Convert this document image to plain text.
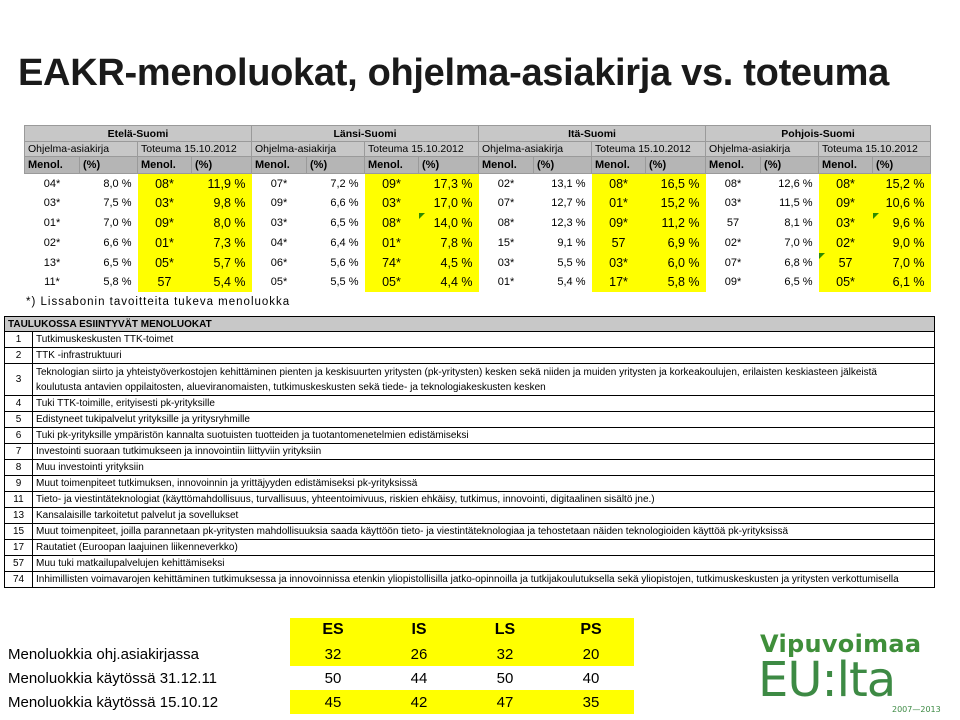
EAKR-menoluokat, ohjelma-asiakirja vs. toteuma
Etelä-Suomi				Länsi-Suomi				Itä-Suomi				Pohjois-Suomi			
Ohjelma-asiakirja		Toteuma 15.10.2012		Ohjelma-asiakirja		Toteuma 15.10.2012		Ohjelma-asiakirja		Toteuma 15.10.2012		Ohjelma-asiakirja		Toteuma 15.10.2012	
Menol.	(%)	Menol.	(%)	Menol.	(%)	Menol.	(%)	Menol.	(%)	Menol.	(%)	Menol.	(%)	Menol.	(%)
04*	8,0 %	08*	11,9 %	07*	7,2 %	09*	17,3 %	02*	13,1 %	08*	16,5 %	08*	12,6 %	08*	15,2 %
03*	7,5 %	03*	9,8 %	09*	6,6 %	03*	17,0 %	07*	12,7 %	01*	15,2 %	03*	11,5 %	09*	10,6 %
01*	7,0 %	09*	8,0 %	03*	6,5 %	08*	14,0 %	08*	12,3 %	09*	11,2 %	57	8,1 %	03*	9,6 %
02*	6,6 %	01*	7,3 %	04*	6,4 %	01*	7,8 %	15*	9,1 %	57	6,9 %	02*	7,0 %	02*	9,0 %
13*	6,5 %	05*	5,7 %	06*	5,6 %	74*	4,5 %	03*	5,5 %	03*	6,0 %	07*	6,8 %	57	7,0 %
11*	5,8 %	57	5,4 %	05*	5,5 %	05*	4,4 %	01*	5,4 %	17*	5,8 %	09*	6,5 %	05*	6,1 %
*) Lissabonin tavoitteita tukeva menoluokka
TAULUKOSSA ESIINTYVÄT MENOLUOKAT	
1	Tutkimuskeskusten TTK-toimet

2	TTK -infrastruktuuri

3	Teknologian siirto ja yhteistyöverkostojen kehittäminen pienten ja keskisuurten yritysten (pk-yritysten) kesken sekä niiden ja muiden yritysten ja korkeakoulujen, erilaisten keskiasteen jälkeistä
koulutusta antavien oppilaitosten, alueviranomaisten, tutkimuskeskusten sekä tiede- ja teknologiakeskusten kesken

4	Tuki TTK-toimille, erityisesti pk-yrityksille

5	Edistyneet tukipalvelut yrityksille ja yritysryhmille

6	Tuki pk-yrityksille ympäristön kannalta suotuisten tuotteiden ja tuotantomenetelmien edistämiseksi

7	Investointi suoraan tutkimukseen ja innovointiin liittyviin yrityksiin

8	Muu investointi yrityksiin

9	Muut toimenpiteet tutkimuksen, innovoinnin ja yrittäjyyden edistämiseksi pk-yrityksissä

11	Tieto- ja viestintäteknologiat (käyttömahdollisuus, turvallisuus, yhteentoimivuus, riskien ehkäisy, tutkimus, innovointi, digitaalinen sisältö jne.)

13	Kansalaisille tarkoitetut palvelut ja sovellukset

15	Muut toimenpiteet, joilla parannetaan pk-yritysten mahdollisuuksia saada käyttöön tieto- ja viestintäteknologiaa ja tehostetaan näiden teknologioiden käyttöä pk-yrityksissä

17	Rautatiet (Euroopan laajuinen liikenneverkko)

57	Muu tuki matkailupalvelujen kehittämiseksi

74	Inhimillisten voimavarojen kehittäminen tutkimuksessa ja innovoinnissa etenkin yliopistollisilla jatko-opinnoilla ja tutkijakoulutuksella sekä yliopistojen, tutkimuskeskusten ja yritysten verkottumisella
	ES	IS	LS	PS
Menoluokkia ohj.asiakirjassa	32	26	32	20
Menoluokkia käytössä 31.12.11	50	44	50	40
Menoluokkia käytössä 15.10.12	45	42	47	35
Vipuvoimaa
EU:lta
2007—2013
